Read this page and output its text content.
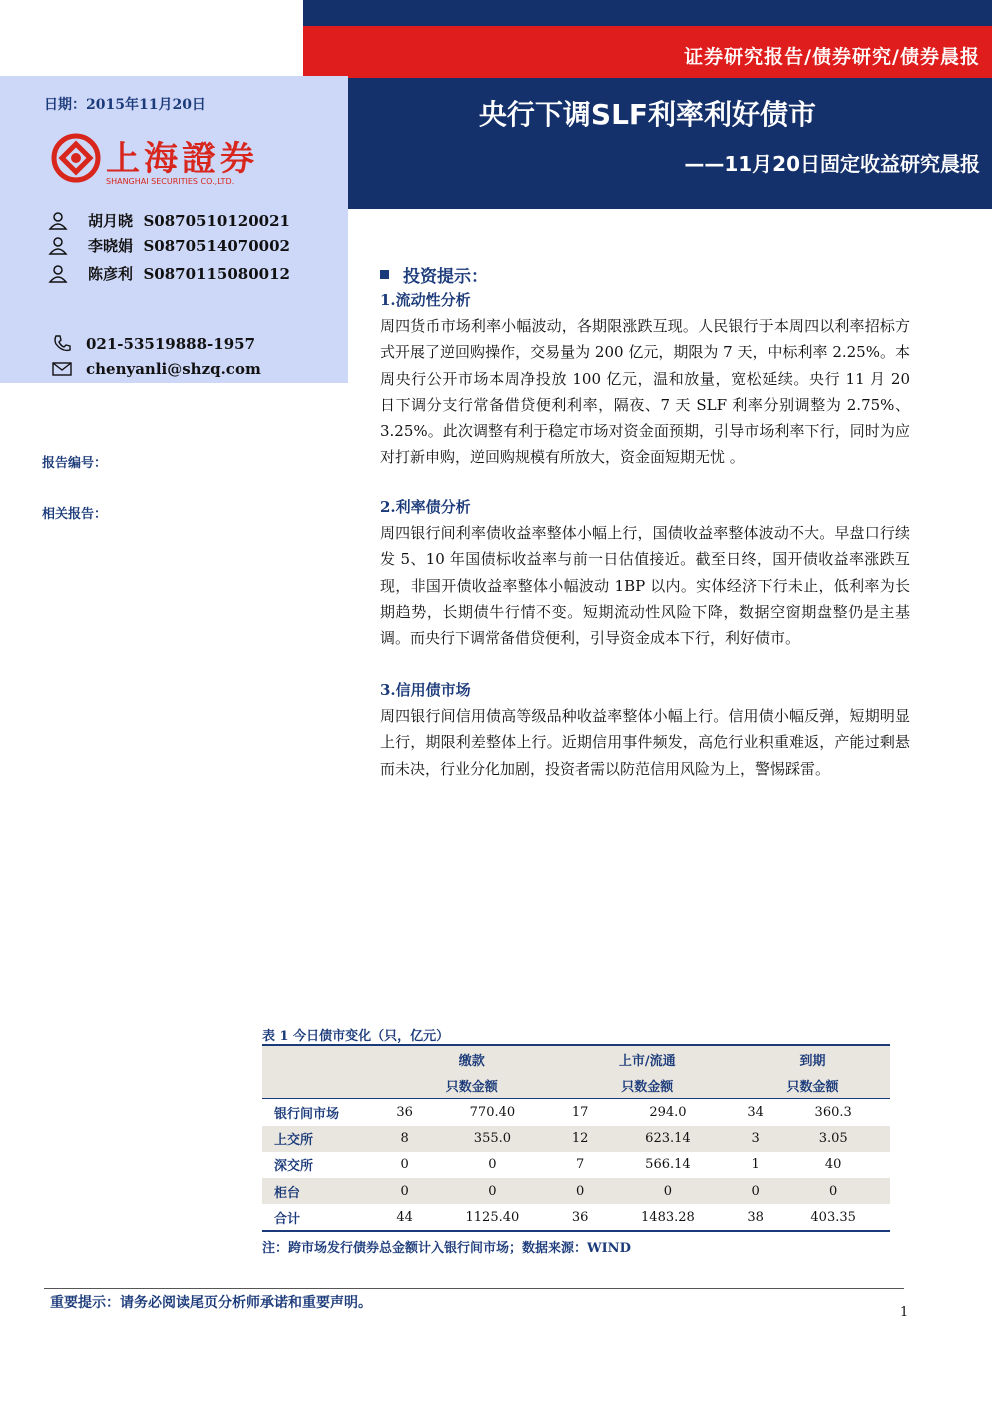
证券研究报告/债券研究/债券晨报
央行下调SLF利率利好债市
——11月20日固定收益研究晨报
日期：2015年11月20日
上海證券
SHANGHAI SECURITIES CO.,LTD.
胡月晓 S0870510120021
李晓娟 S0870514070002
陈彦利 S0870115080012
021-53519888-1957
chenyanli@shzq.com
报告编号：
相关报告：
投资提示：
1.流动性分析
周四货币市场利率小幅波动，各期限涨跌互现。人民银行于本周四以利率招标方式开展了逆回购操作，交易量为 200 亿元，期限为 7 天，中标利率 2.25%。本周央行公开市场本周净投放 100 亿元，温和放量，宽松延续。央行 11 月 20 日下调分支行常备借贷便利利率，隔夜、7 天 SLF 利率分别调整为 2.75%、3.25%。此次调整有利于稳定市场对资金面预期，引导市场利率下行，同时为应对打新申购，逆回购规模有所放大，资金面短期无忧 。
2.利率债分析
周四银行间利率债收益率整体小幅上行，国债收益率整体波动不大。早盘口行续发 5、10 年国债标收益率与前一日估值接近。截至日终，国开债收益率涨跌互现，非国开债收益率整体小幅波动 1BP 以内。实体经济下行未止，低利率为长期趋势，长期债牛行情不变。短期流动性风险下降，数据空窗期盘整仍是主基调。而央行下调常备借贷便利，引导资金成本下行，利好债市。
3.信用债市场
周四银行间信用债高等级品种收益率整体小幅上行。信用债小幅反弹，短期明显上行，期限利差整体上行。近期信用事件频发，高危行业积重难返，产能过剩悬而未决，行业分化加剧，投资者需以防范信用风险为上，警惕踩雷。
表 1 今日债市变化（只，亿元）
	缴款		上市/流通		到期	
	只数金额		只数金额		只数金额	
银行间市场	36	770.40	17	294.0	34	360.3
上交所	8	355.0	12	623.14	3	3.05
深交所	0	0	7	566.14	1	40
柜台	0	0	0	0	0	0
合计	44	1125.40	36	1483.28	38	403.35
注：跨市场发行债券总金额计入银行间市场；数据来源：WIND
重要提示：请务必阅读尾页分析师承诺和重要声明。
1
